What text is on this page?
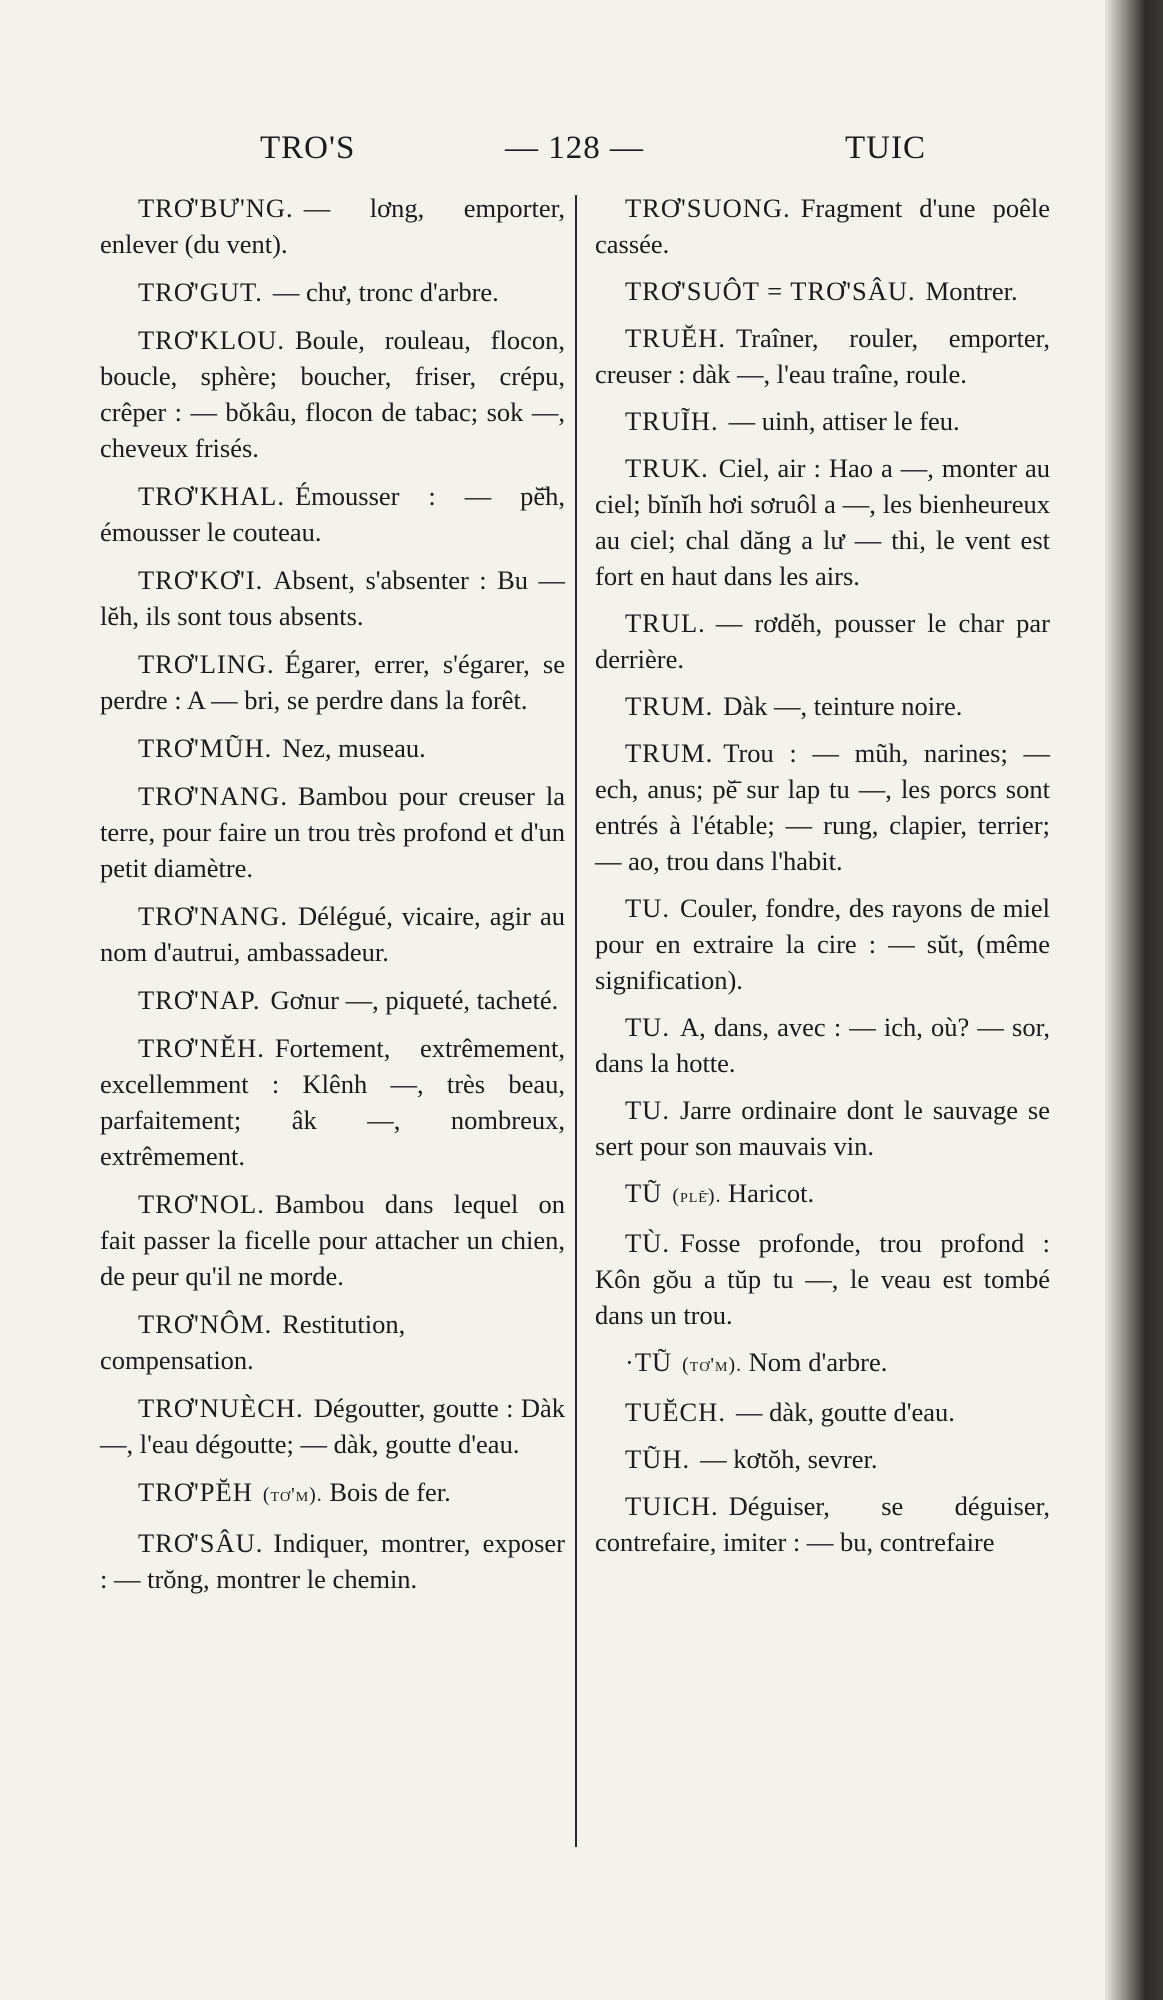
TRO'S	— 128 —	TUIC

TRƠ'BƯ'NG. — lơng, emporter, enlever (du vent).

TRƠ'GUT. — chư, tronc d'arbre.

TRƠ'KLOU. Boule, rouleau, flocon, boucle, sphère; boucher, friser, crépu, crêper : — bǒkâu, flocon de tabac; sok —, cheveux frisés.

TRƠ'KHAL. Émousser : — pĕ̄h, émousser le couteau.

TRƠ'KƠ'I. Absent, s'absenter : Bu — lĕh, ils sont tous absents.

TRƠ'LING. Égarer, errer, s'égarer, se perdre : A — bri, se perdre dans la forêt.

TRƠ'MŨH. Nez, museau.

TRƠ'NANG. Bambou pour creuser la terre, pour faire un trou très profond et d'un petit diamètre.

TRƠ'NANG. Délégué, vicaire, agir au nom d'autrui, ambassadeur.

TRƠ'NAP. Gơnur —, piqueté, tacheté.

TRƠ'NĔH. Fortement, extrêmement, excellemment : Klênh —, très beau, parfaitement; âk —, nombreux, extrêmement.

TRƠ'NOL. Bambou dans lequel on fait passer la ficelle pour attacher un chien, de peur qu'il ne morde.

TRƠ'NÔM. Restitution, compensation.

TRƠ'NUÈCH. Dégoutter, goutte : Dàk —, l'eau dégoutte; — dàk, goutte d'eau.

TRƠ'PĔH (tơ'm). Bois de fer.

TRƠ'SÂU. Indiquer, montrer, exposer : — trŏng, montrer le chemin.

TRƠ'SUONG. Fragment d'une poêle cassée.

TRƠ'SUÔT = TRƠ'SÂU. Montrer.

TRUĔH. Traîner, rouler, emporter, creuser : dàk —, l'eau traîne, roule.

TRUĨH. — uinh, attiser le feu.

TRUK. Ciel, air : Hao a —, monter au ciel; bĭnĭh hơi sơruôl a —, les bienheureux au ciel; chal dăng a lư — thi, le vent est fort en haut dans les airs.

TRUL. — rơdĕh, pousser le char par derrière.

TRUM. Dàk —, teinture noire.

TRUM. Trou : — mũh, narines; — ech, anus; pĕ̄ sur lap tu —, les porcs sont entrés à l'étable; — rung, clapier, terrier; — ao, trou dans l'habit.

TU. Couler, fondre, des rayons de miel pour en extraire la cire : — sŭt, (même signification).

TU. A, dans, avec : — ich, où? — sor, dans la hotte.

TU. Jarre ordinaire dont le sauvage se sert pour son mauvais vin.

TŨ (plĕ̄). Haricot.

TÙ. Fosse profonde, trou profond : Kôn gŏu a tŭp tu —, le veau est tombé dans un trou.

·TŨ (tơ'm). Nom d'arbre.

TUĔCH. — dàk, goutte d'eau.

TŨH. — kơtŏh, sevrer.

TUICH. Déguiser, se déguiser, contrefaire, imiter : — bu, contrefaire
